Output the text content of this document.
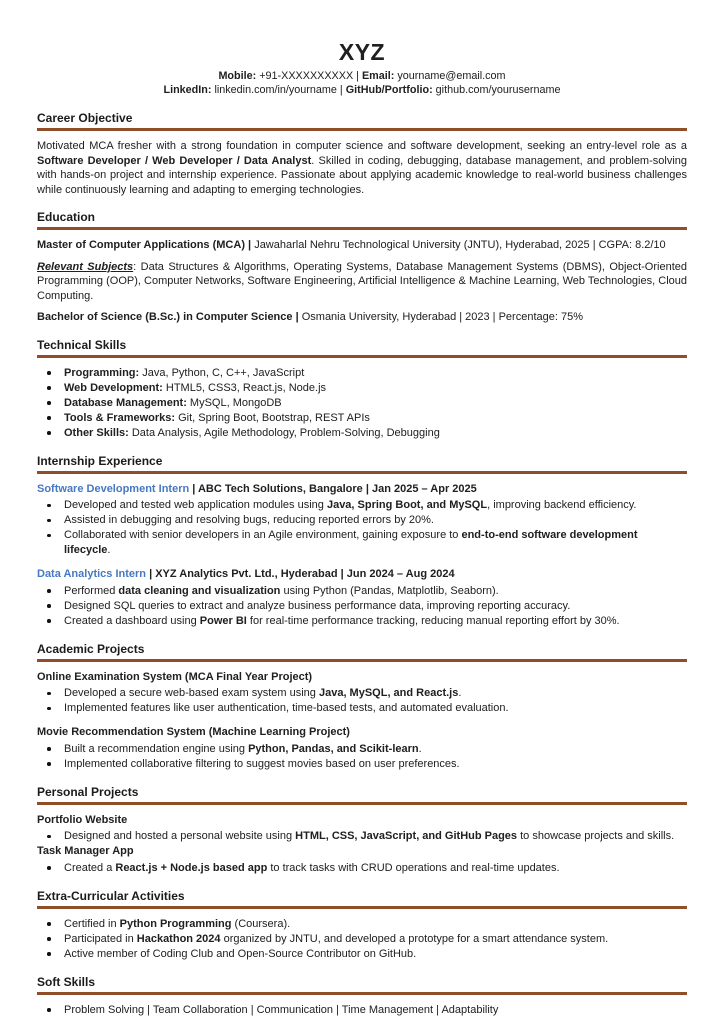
XYZ

Mobile: +91-XXXXXXXXXX | Email: yourname@email.com

LinkedIn: linkedin.com/in/yourname | GitHub/Portfolio: github.com/yourusername

Career Objective

Motivated MCA fresher with a strong foundation in computer science and software development, seeking an entry-level role as a Software Developer / Web Developer / Data Analyst. Skilled in coding, debugging, database management, and problem-solving with hands-on project and internship experience. Passionate about applying academic knowledge to real-world business challenges while continuously learning and adapting to emerging technologies.

Education

Master of Computer Applications (MCA) | Jawaharlal Nehru Technological University (JNTU), Hyderabad, 2025 | CGPA: 8.2/10

Relevant Subjects: Data Structures & Algorithms, Operating Systems, Database Management Systems (DBMS), Object-Oriented Programming (OOP), Computer Networks, Software Engineering, Artificial Intelligence & Machine Learning, Web Technologies, Cloud Computing.

Bachelor of Science (B.Sc.) in Computer Science | Osmania University, Hyderabad | 2023 | Percentage: 75%

Technical Skills
Programming: Java, Python, C, C++, JavaScript
Web Development: HTML5, CSS3, React.js, Node.js
Database Management: MySQL, MongoDB
Tools & Frameworks: Git, Spring Boot, Bootstrap, REST APIs
Other Skills: Data Analysis, Agile Methodology, Problem-Solving, Debugging
Internship Experience

Software Development Intern | ABC Tech Solutions, Bangalore | Jan 2025 – Apr 2025

Developed and tested web application modules using Java, Spring Boot, and MySQL, improving backend efficiency.
Assisted in debugging and resolving bugs, reducing reported errors by 20%.
Collaborated with senior developers in an Agile environment, gaining exposure to end-to-end software development lifecycle.

Data Analytics Intern | XYZ Analytics Pvt. Ltd., Hyderabad | Jun 2024 – Aug 2024

Performed data cleaning and visualization using Python (Pandas, Matplotlib, Seaborn).
Designed SQL queries to extract and analyze business performance data, improving reporting accuracy.
Created a dashboard using Power BI for real-time performance tracking, reducing manual reporting effort by 30%.
Academic Projects

Online Examination System (MCA Final Year Project)

Developed a secure web-based exam system using Java, MySQL, and React.js.
Implemented features like user authentication, time-based tests, and automated evaluation.

Movie Recommendation System (Machine Learning Project)

Built a recommendation engine using Python, Pandas, and Scikit-learn.
Implemented collaborative filtering to suggest movies based on user preferences.
Personal Projects

Portfolio Website

Designed and hosted a personal website using HTML, CSS, JavaScript, and GitHub Pages to showcase projects and skills.

Task Manager App

Created a React.js + Node.js based app to track tasks with CRUD operations and real-time updates.
Extra-Curricular Activities
Certified in Python Programming (Coursera).
Participated in Hackathon 2024 organized by JNTU, and developed a prototype for a smart attendance system.
Active member of Coding Club and Open-Source Contributor on GitHub.
Soft Skills
Problem Solving | Team Collaboration | Communication | Time Management | Adaptability
